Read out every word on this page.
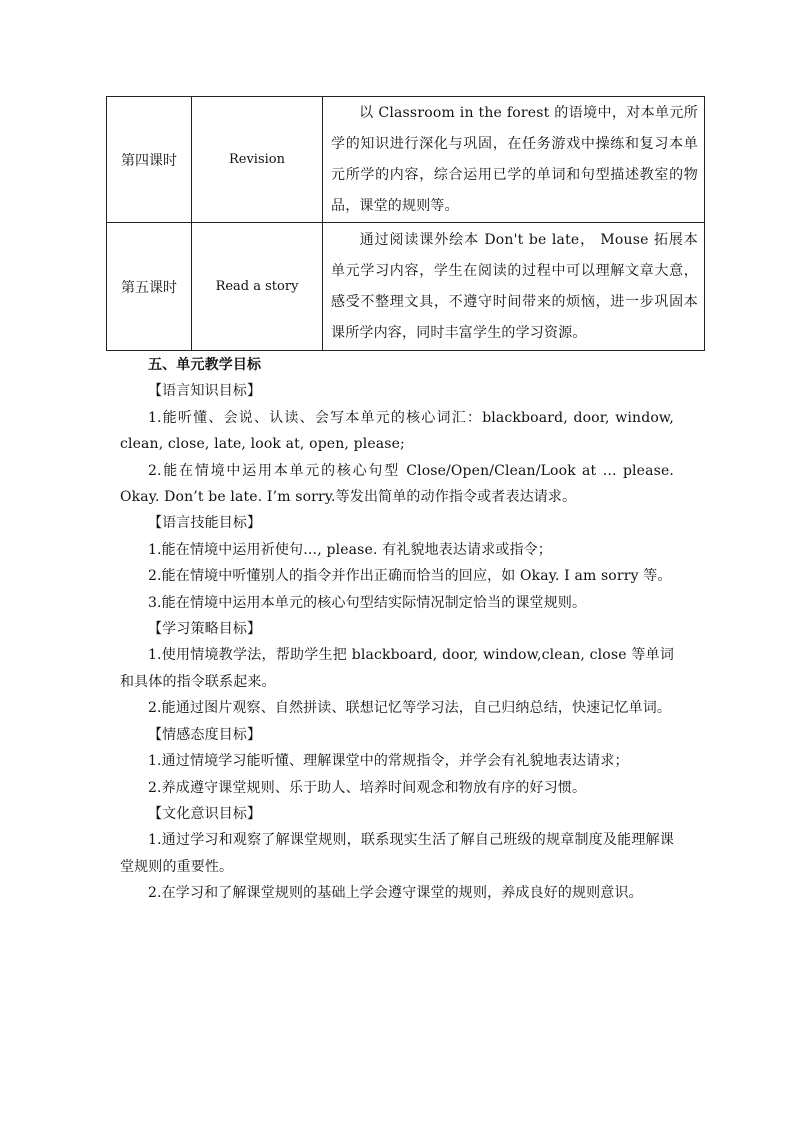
第四课时	Revision	以 Classroom in the forest 的语境中，对本单元所学的知识进行深化与巩固，在任务游戏中操练和复习本单元所学的内容，综合运用已学的单词和句型描述教室的物品，课堂的规则等。
第五课时	Read a story	通过阅读课外绘本 Don't be late， Mouse 拓展本单元学习内容，学生在阅读的过程中可以理解文章大意，感受不整理文具，不遵守时间带来的烦恼，进一步巩固本课所学内容，同时丰富学生的学习资源。

五、单元教学目标

【语言知识目标】

1.能听懂、会说、认读、会写本单元的核心词汇：blackboard, door, window, clean, close, late, look at, open, please;

2.能在情境中运用本单元的核心句型 Close/Open/Clean/Look at … please. Okay. Don’t be late. I’m sorry.等发出简单的动作指令或者表达请求。

【语言技能目标】

1.能在情境中运用祈使句…, please. 有礼貌地表达请求或指令；

2.能在情境中听懂别人的指令并作出正确而恰当的回应，如 Okay. I am sorry 等。

3.能在情境中运用本单元的核心句型结实际情况制定恰当的课堂规则。

【学习策略目标】

1.使用情境教学法，帮助学生把 blackboard, door, window,clean, close 等单词和具体的指令联系起来。

2.能通过图片观察、自然拼读、联想记忆等学习法，自己归纳总结，快速记忆单词。

【情感态度目标】

1.通过情境学习能听懂、理解课堂中的常规指令，并学会有礼貌地表达请求；

2.养成遵守课堂规则、乐于助人、培养时间观念和物放有序的好习惯。

【文化意识目标】

1.通过学习和观察了解课堂规则，联系现实生活了解自己班级的规章制度及能理解课堂规则的重要性。

2.在学习和了解课堂规则的基础上学会遵守课堂的规则，养成良好的规则意识。
